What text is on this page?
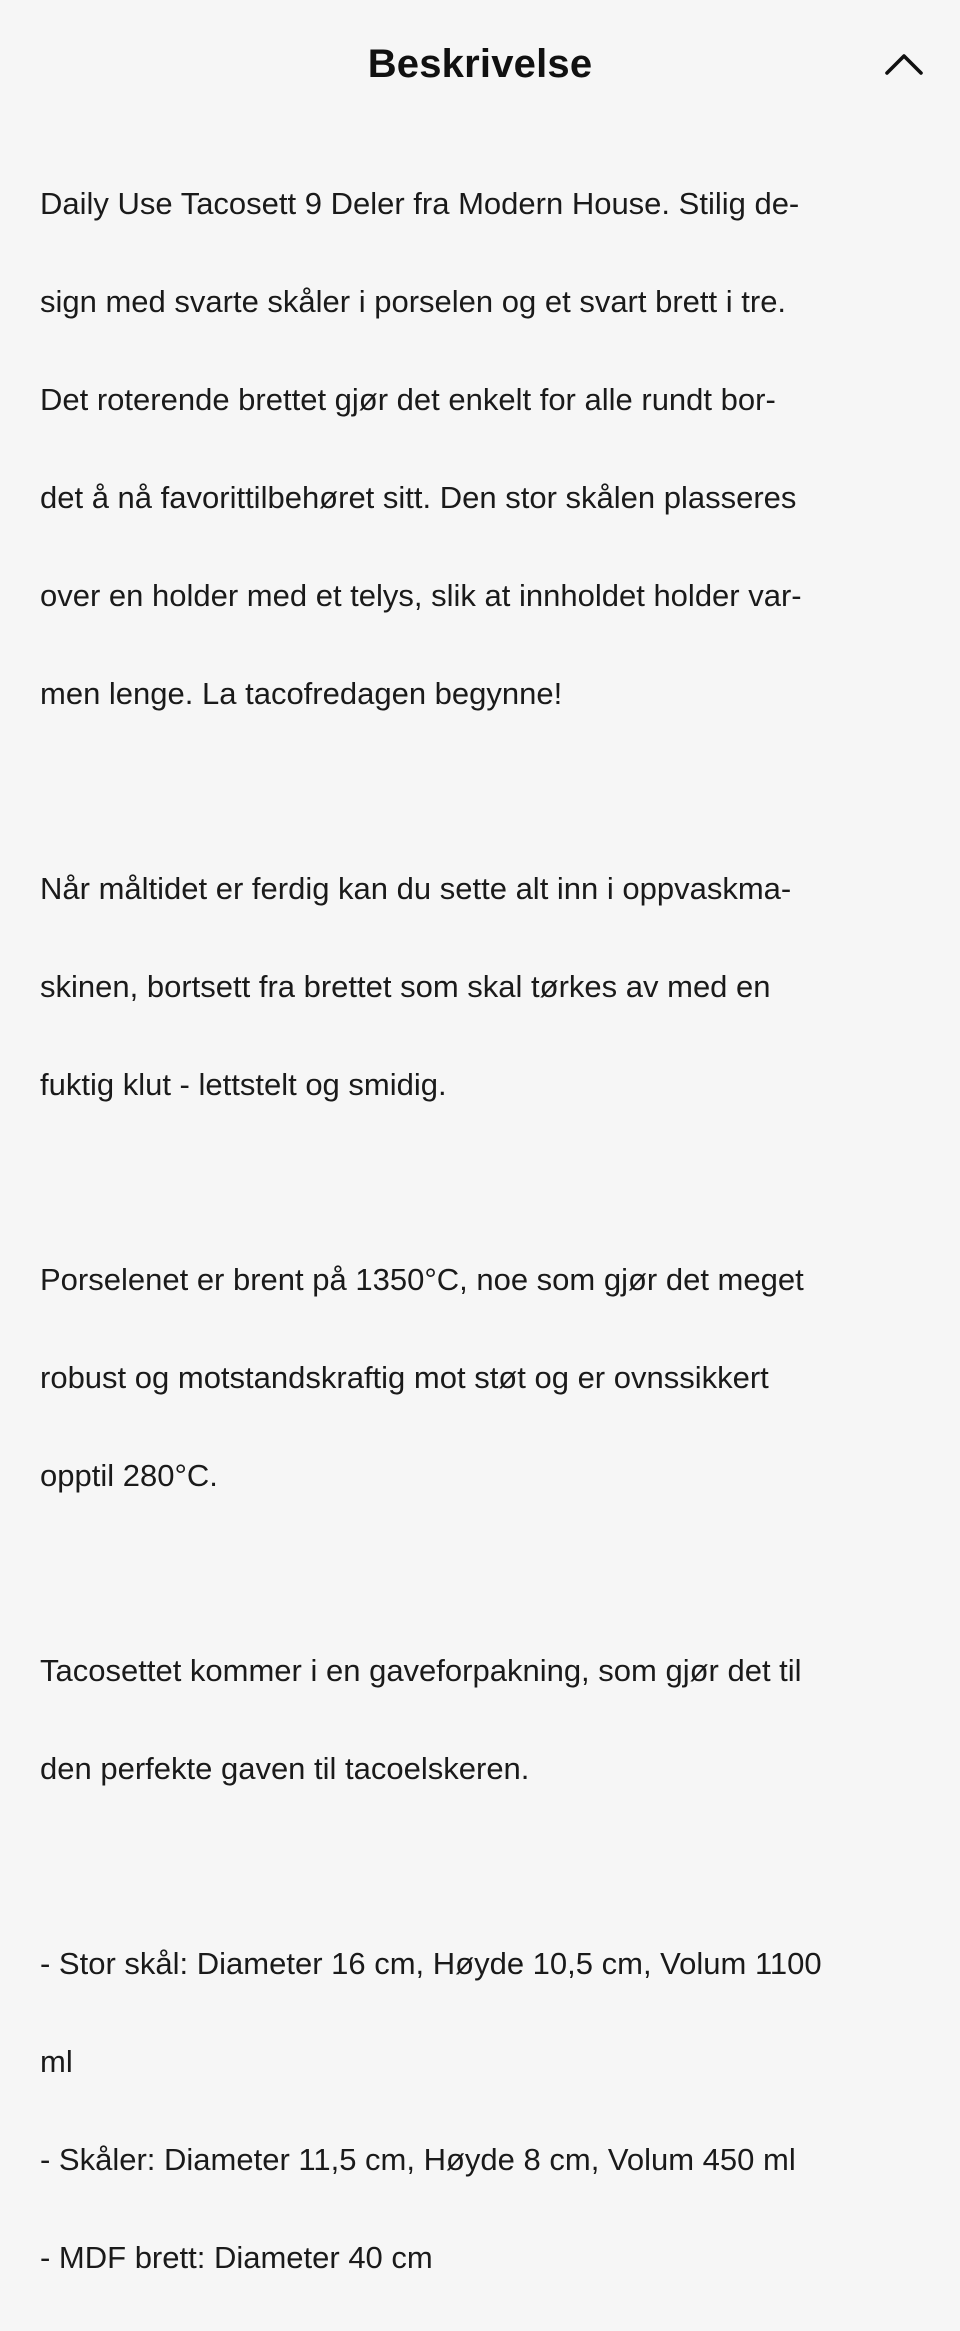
Beskrivelse

Daily Use Tacosett 9 Deler fra Modern House. Stilig de-

sign med svarte skåler i porselen og et svart brett i tre.

Det roterende brettet gjør det enkelt for alle rundt bor-

det å nå favorittilbehøret sitt. Den stor skålen plasseres

over en holder med et telys, slik at innholdet holder var-

men lenge. La tacofredagen begynne!

Når måltidet er ferdig kan du sette alt inn i oppvaskma-

skinen, bortsett fra brettet som skal tørkes av med en

fuktig klut - lettstelt og smidig.

Porselenet er brent på 1350°C, noe som gjør det meget

robust og motstandskraftig mot støt og er ovnssikkert

opptil 280°C.

Tacosettet kommer i en gaveforpakning, som gjør det til

den perfekte gaven til tacoelskeren.

- Stor skål: Diameter 16 cm, Høyde 10,5 cm, Volum 1100

ml

- Skåler: Diameter 11,5 cm, Høyde 8 cm, Volum 450 ml

- MDF brett: Diameter 40 cm
